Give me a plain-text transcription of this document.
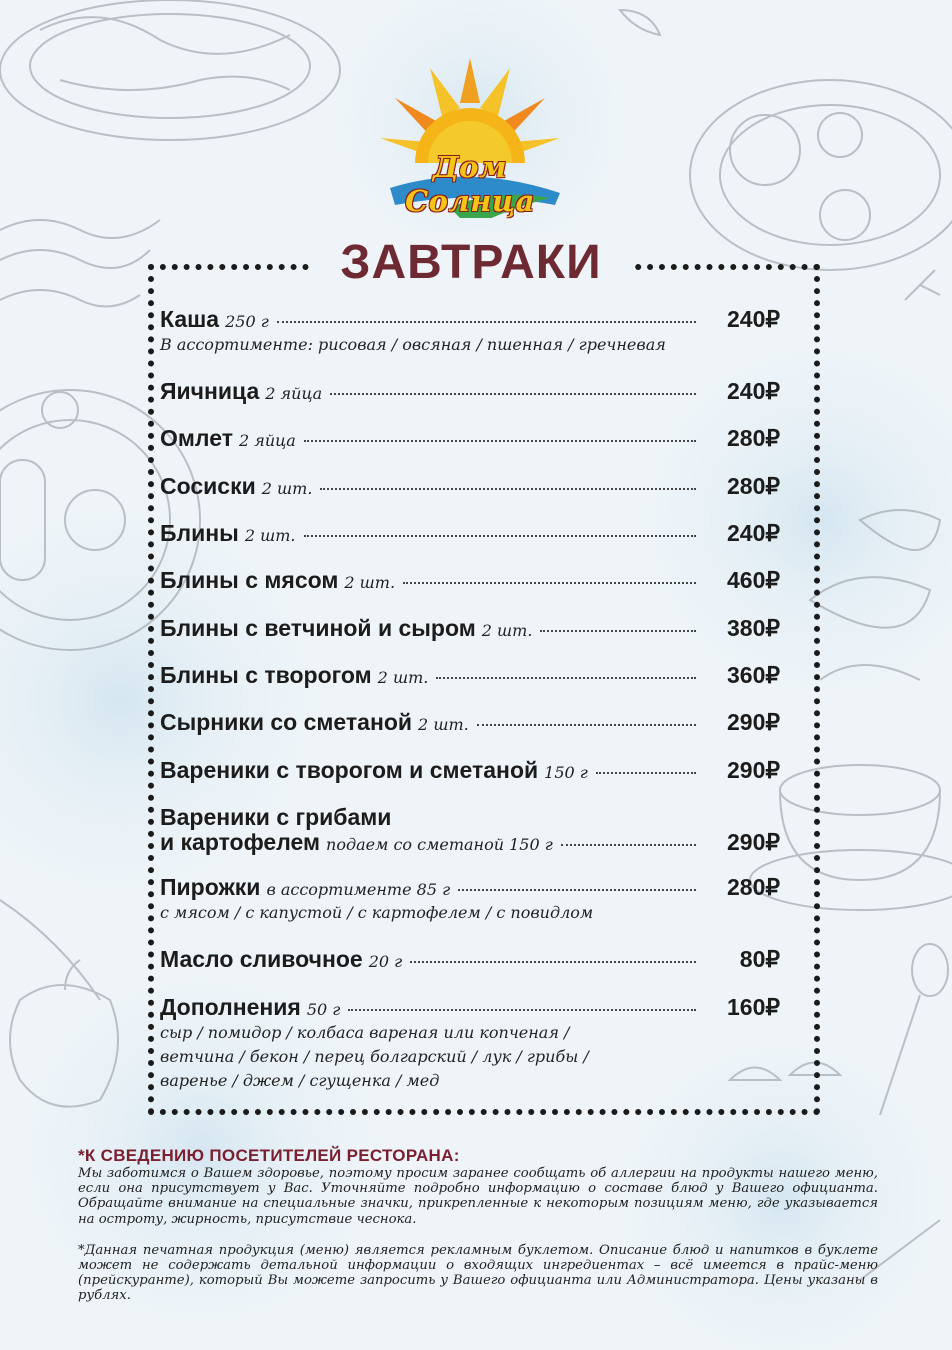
Дом Солнца
ЗАВТРАКИ
Каша 250 г	240₽
В ассортименте: рисовая / овсяная / пшенная / гречневая
Яичница 2 яйца	240₽
Омлет 2 яйца	280₽
Сосиски 2 шт.	280₽
Блины 2 шт.	240₽
Блины с мясом 2 шт.	460₽
Блины с ветчиной и сыром 2 шт.	380₽
Блины с творогом 2 шт.	360₽
Сырники со сметаной 2 шт.	290₽
Вареники с творогом и сметаной 150 г	290₽
Вареники с грибами
и картофелем подаем со сметаной 150 г	290₽
Пирожки в ассортименте 85 г	280₽
с мясом / с капустой / с картофелем / с повидлом
Масло сливочное 20 г	80₽
Дополнения 50 г	160₽
сыр / помидор / колбаса вареная или копченая /
ветчина / бекон / перец болгарский / лук / грибы /
варенье / джем / сгущенка / мед
*К СВЕДЕНИЮ ПОСЕТИТЕЛЕЙ РЕСТОРАНА:
Мы заботимся о Вашем здоровье, поэтому просим заранее сообщать об аллергии на продукты нашего меню, если она присутствует у Вас. Уточняйте подробно информацию о составе блюд у Вашего официанта. Обращайте внимание на специальные значки, прикрепленные к некоторым позициям меню, где указывается на остроту, жирность, присутствие чеснока.
*Данная печатная продукция (меню) является рекламным буклетом. Описание блюд и напитков в буклете может не содержать детальной информации о входящих ингредиентах – всё имеется в прайс-меню (прейскуранте), который Вы можете запросить у Вашего официанта или Администратора. Цены указаны в рублях.
